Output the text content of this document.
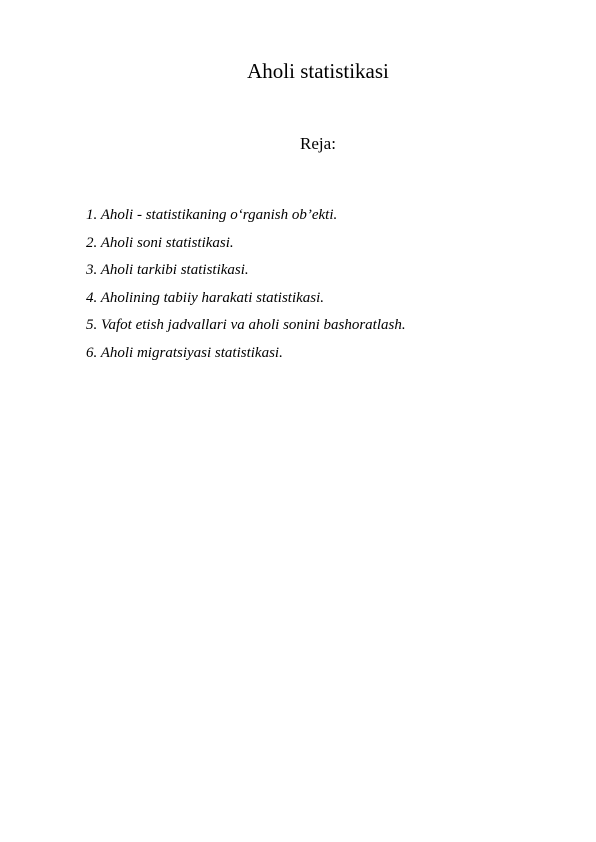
Aholi statistikasi
Reja:
1. Aholi - statistikaning o‘rganish ob’ekti.
2. Aholi soni statistikasi.
3. Aholi tarkibi statistikasi.
4. Aholining tabiiy harakati statistikasi.
5. Vafot etish jadvallari va aholi sonini bashoratlash.
6. Aholi migratsiyasi statistikasi.
